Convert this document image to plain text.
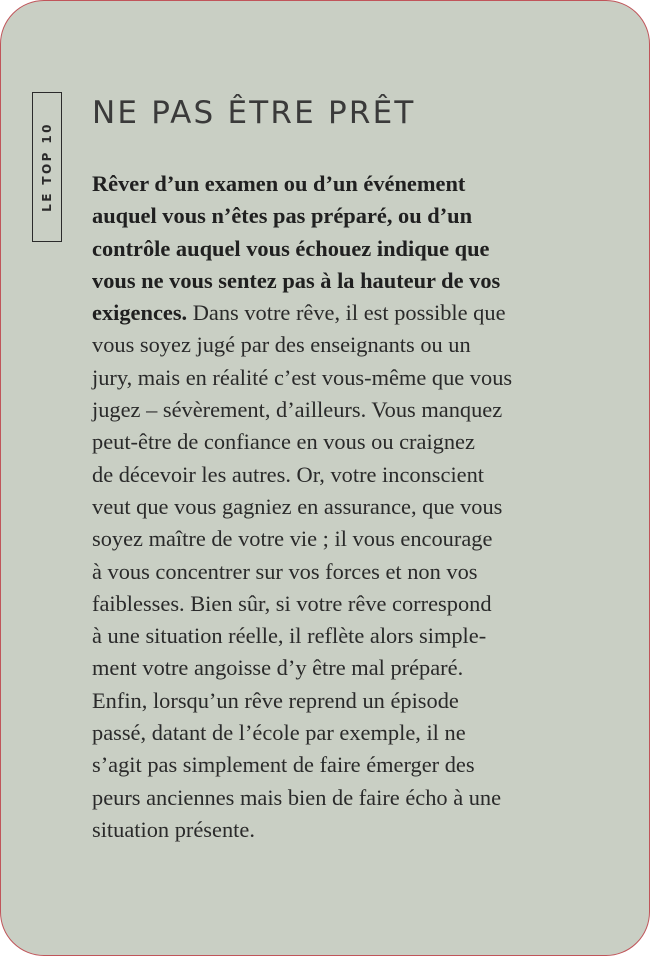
LE TOP 10
NE PAS ÊTRE PRÊT
Rêver d’un examen ou d’un événement
auquel vous n’êtes pas préparé, ou d’un
contrôle auquel vous échouez indique que
vous ne vous sentez pas à la hauteur de vos
exigences. Dans votre rêve, il est possible que
vous soyez jugé par des enseignants ou un
jury, mais en réalité c’est vous-même que vous
jugez – sévèrement, d’ailleurs. Vous manquez
peut-être de confiance en vous ou craignez
de décevoir les autres. Or, votre inconscient
veut que vous gagniez en assurance, que vous
soyez maître de votre vie ; il vous encourage
à vous concentrer sur vos forces et non vos
faiblesses. Bien sûr, si votre rêve correspond
à une situation réelle, il reflète alors simple-
ment votre angoisse d’y être mal préparé.
Enfin, lorsqu’un rêve reprend un épisode
passé, datant de l’école par exemple, il ne
s’agit pas simplement de faire émerger des
peurs anciennes mais bien de faire écho à une
situation présente.
